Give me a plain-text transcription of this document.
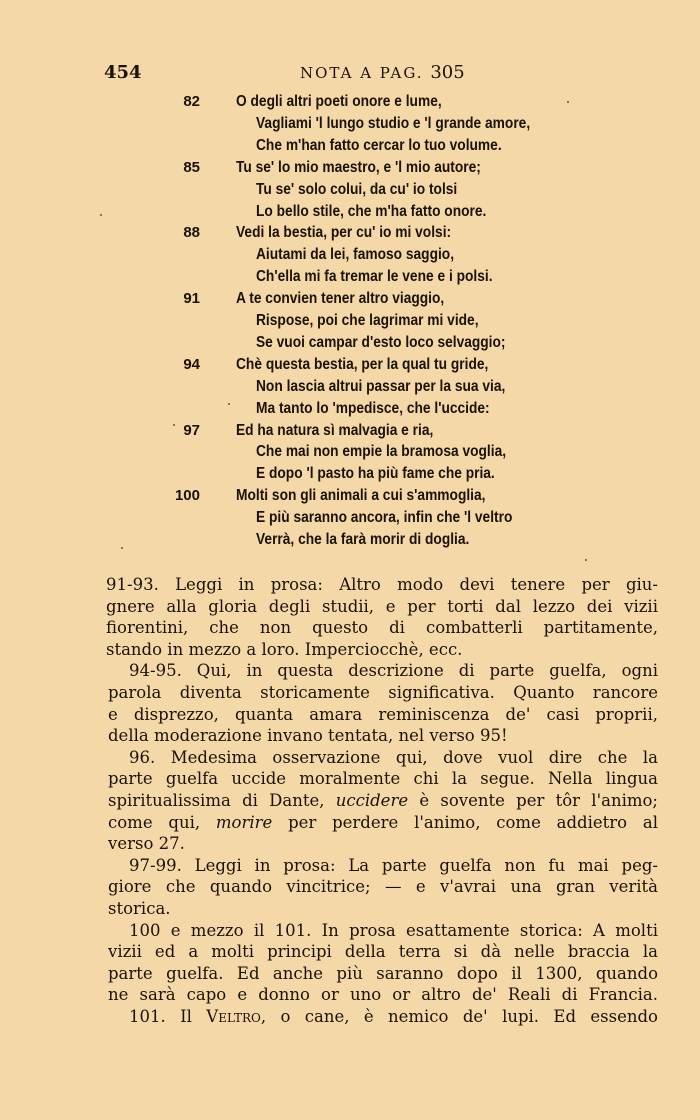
454	NOTA A PAG. 305
82 O degli altri poeti onore e lume,
Vagliami 'l lungo studio e 'l grande amore,
Che m'han fatto cercar lo tuo volume.
85 Tu se' lo mio maestro, e 'l mio autore;
Tu se' solo colui, da cu' io tolsi
Lo bello stile, che m'ha fatto onore.
88 Vedi la bestia, per cu' io mi volsi:
Aiutami da lei, famoso saggio,
Ch'ella mi fa tremar le vene e i polsi.
91 A te convien tener altro viaggio,
Rispose, poi che lagrimar mi vide,
Se vuoi campar d'esto loco selvaggio;
94 Chè questa bestia, per la qual tu gride,
Non lascia altrui passar per la sua via,
Ma tanto lo 'mpedisce, che l'uccide:
97 Ed ha natura sì malvagia e ria,
Che mai non empie la bramosa voglia,
E dopo 'l pasto ha più fame che pria.
100 Molti son gli animali a cui s'ammoglia,
E più saranno ancora, infin che 'l veltro
Verrà, che la farà morir di doglia.
91-93. Leggi in prosa: Altro modo devi tenere per giu-
gnere alla gloria degli studii, e per torti dal lezzo dei vizii
fiorentini, che non questo di combatterli partitamente,
stando in mezzo a loro. Imperciocchè, ecc.
94-95. Qui, in questa descrizione di parte guelfa, ogni
parola diventa storicamente significativa. Quanto rancore
e disprezzo, quanta amara reminiscenza de' casi proprii,
della moderazione invano tentata, nel verso 95!
96. Medesima osservazione qui, dove vuol dire che la
parte guelfa uccide moralmente chi la segue. Nella lingua
spiritualissima di Dante, uccidere è sovente per tôr l'animo;
come qui, morire per perdere l'animo, come addietro al
verso 27.
97-99. Leggi in prosa: La parte guelfa non fu mai peg-
giore che quando vincitrice; — e v'avrai una gran verità
storica.
100 e mezzo il 101. In prosa esattamente storica: A molti
vizii ed a molti principi della terra si dà nelle braccia la
parte guelfa. Ed anche più saranno dopo il 1300, quando
ne sarà capo e donno or uno or altro de' Reali di Francia.
101. Il Veltro, o cane, è nemico de' lupi. Ed essendo
